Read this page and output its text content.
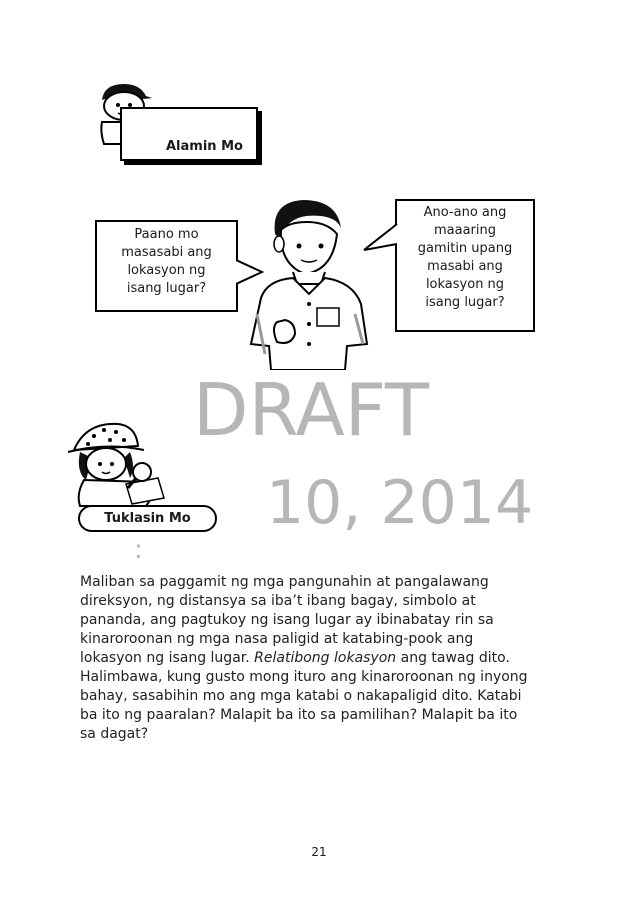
Alamin Mo
Paano mo
masasabi ang
lokasyon ng
isang lugar?
Ano-ano ang
maaaring
gamitin upang
masabi ang
lokasyon ng
isang lugar?
DRAFT
10, 2014
:
Tuklasin Mo
Maliban sa paggamit ng mga pangunahin at pangalawang
direksyon, ng distansya sa iba’t ibang bagay, simbolo at
pananda, ang pagtukoy ng isang lugar ay ibinabatay rin sa
kinaroroonan ng mga nasa paligid at katabing-pook ang
lokasyon ng isang lugar. Relatibong lokasyon ang tawag dito.
Halimbawa, kung gusto mong ituro ang kinaroroonan ng inyong
bahay, sasabihin mo ang mga katabi o nakapaligid dito. Katabi
ba ito ng paaralan? Malapit ba ito sa pamilihan? Malapit ba ito
sa dagat?
21
